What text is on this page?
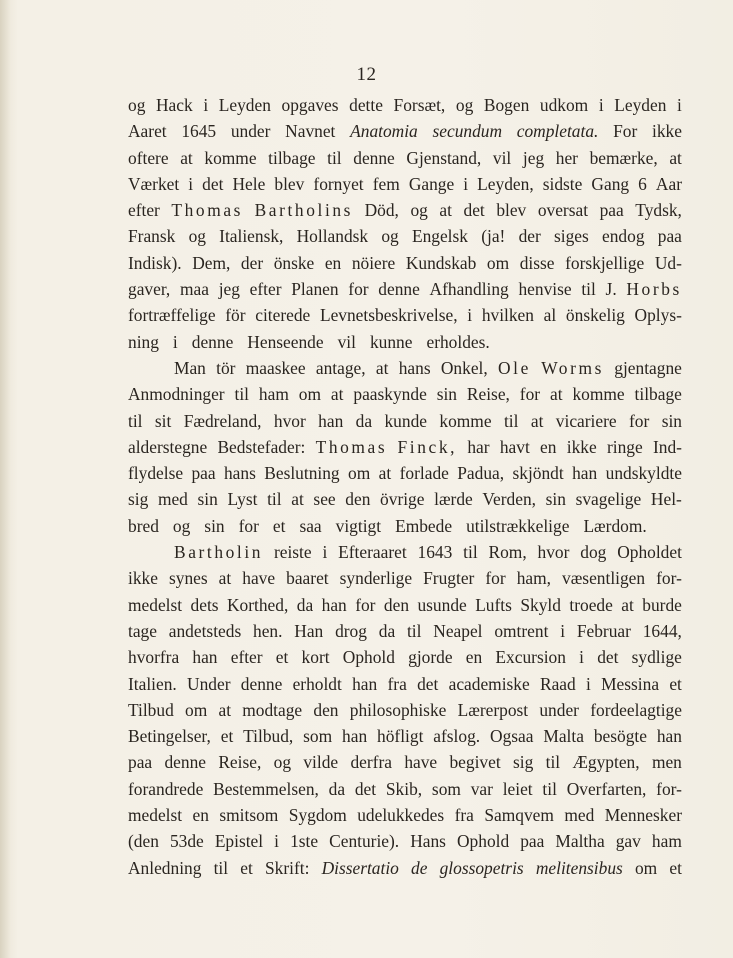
12
og Hack i Leyden opgaves dette Forsæt, og Bogen udkom i Leyden i
Aaret 1645 under Navnet Anatomia secundum completata. For ikke
oftere at komme tilbage til denne Gjenstand, vil jeg her bemærke, at
Værket i det Hele blev fornyet fem Gange i Leyden, sidste Gang 6 Aar
efter Thomas Bartholins Död, og at det blev oversat paa Tydsk,
Fransk og Italiensk, Hollandsk og Engelsk (ja! der siges endog paa
Indisk). Dem, der önske en nöiere Kundskab om disse forskjellige Ud-
gaver, maa jeg efter Planen for denne Afhandling henvise til J. Horbs
fortræffelige för citerede Levnetsbeskrivelse, i hvilken al önskelig Oplys-
ning i denne Henseende vil kunne erholdes.
Man tör maaskee antage, at hans Onkel, Ole Worms gjentagne
Anmodninger til ham om at paaskynde sin Reise, for at komme tilbage
til sit Fædreland, hvor han da kunde komme til at vicariere for sin
alderstegne Bedstefader: Thomas Finck, har havt en ikke ringe Ind-
flydelse paa hans Beslutning om at forlade Padua, skjöndt han undskyldte
sig med sin Lyst til at see den övrige lærde Verden, sin svagelige Hel-
bred og sin for et saa vigtigt Embede utilstrækkelige Lærdom.
Bartholin reiste i Efteraaret 1643 til Rom, hvor dog Opholdet
ikke synes at have baaret synderlige Frugter for ham, væsentligen for-
medelst dets Korthed, da han for den usunde Lufts Skyld troede at burde
tage andetsteds hen. Han drog da til Neapel omtrent i Februar 1644,
hvorfra han efter et kort Ophold gjorde en Excursion i det sydlige
Italien. Under denne erholdt han fra det academiske Raad i Messina et
Tilbud om at modtage den philosophiske Lærerpost under fordeelagtige
Betingelser, et Tilbud, som han höfligt afslog. Ogsaa Malta besögte han
paa denne Reise, og vilde derfra have begivet sig til Ægypten, men
forandrede Bestemmelsen, da det Skib, som var leiet til Overfarten, for-
medelst en smitsom Sygdom udelukkedes fra Samqvem med Mennesker
(den 53de Epistel i 1ste Centurie). Hans Ophold paa Maltha gav ham
Anledning til et Skrift: Dissertatio de glossopetris melitensibus om et
